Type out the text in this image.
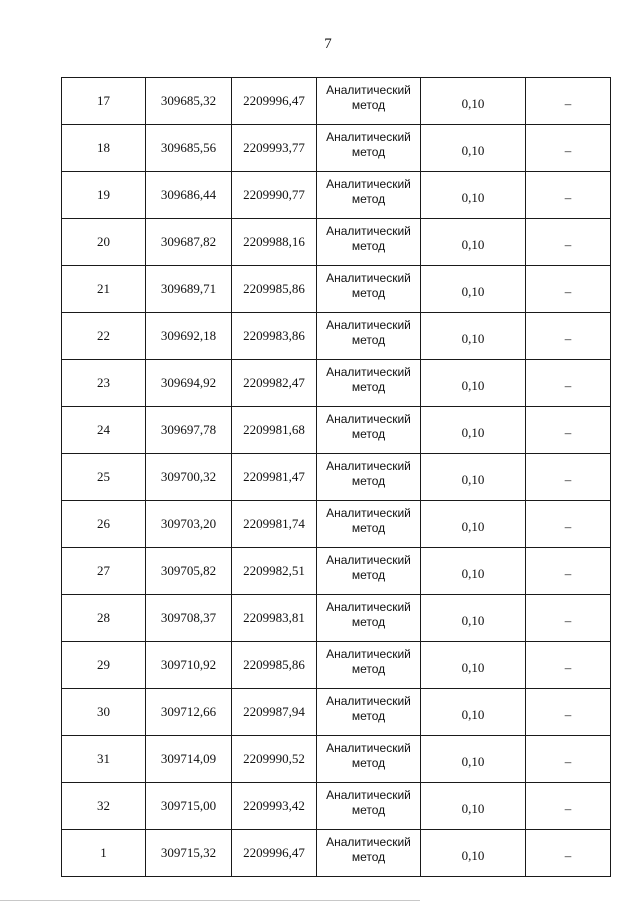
7
17	309685,32	2209996,47	Аналитический метод	0,10	–
18	309685,56	2209993,77	Аналитический метод	0,10	–
19	309686,44	2209990,77	Аналитический метод	0,10	–
20	309687,82	2209988,16	Аналитический метод	0,10	–
21	309689,71	2209985,86	Аналитический метод	0,10	–
22	309692,18	2209983,86	Аналитический метод	0,10	–
23	309694,92	2209982,47	Аналитический метод	0,10	–
24	309697,78	2209981,68	Аналитический метод	0,10	–
25	309700,32	2209981,47	Аналитический метод	0,10	–
26	309703,20	2209981,74	Аналитический метод	0,10	–
27	309705,82	2209982,51	Аналитический метод	0,10	–
28	309708,37	2209983,81	Аналитический метод	0,10	–
29	309710,92	2209985,86	Аналитический метод	0,10	–
30	309712,66	2209987,94	Аналитический метод	0,10	–
31	309714,09	2209990,52	Аналитический метод	0,10	–
32	309715,00	2209993,42	Аналитический метод	0,10	–
1	309715,32	2209996,47	Аналитический метод	0,10	–
